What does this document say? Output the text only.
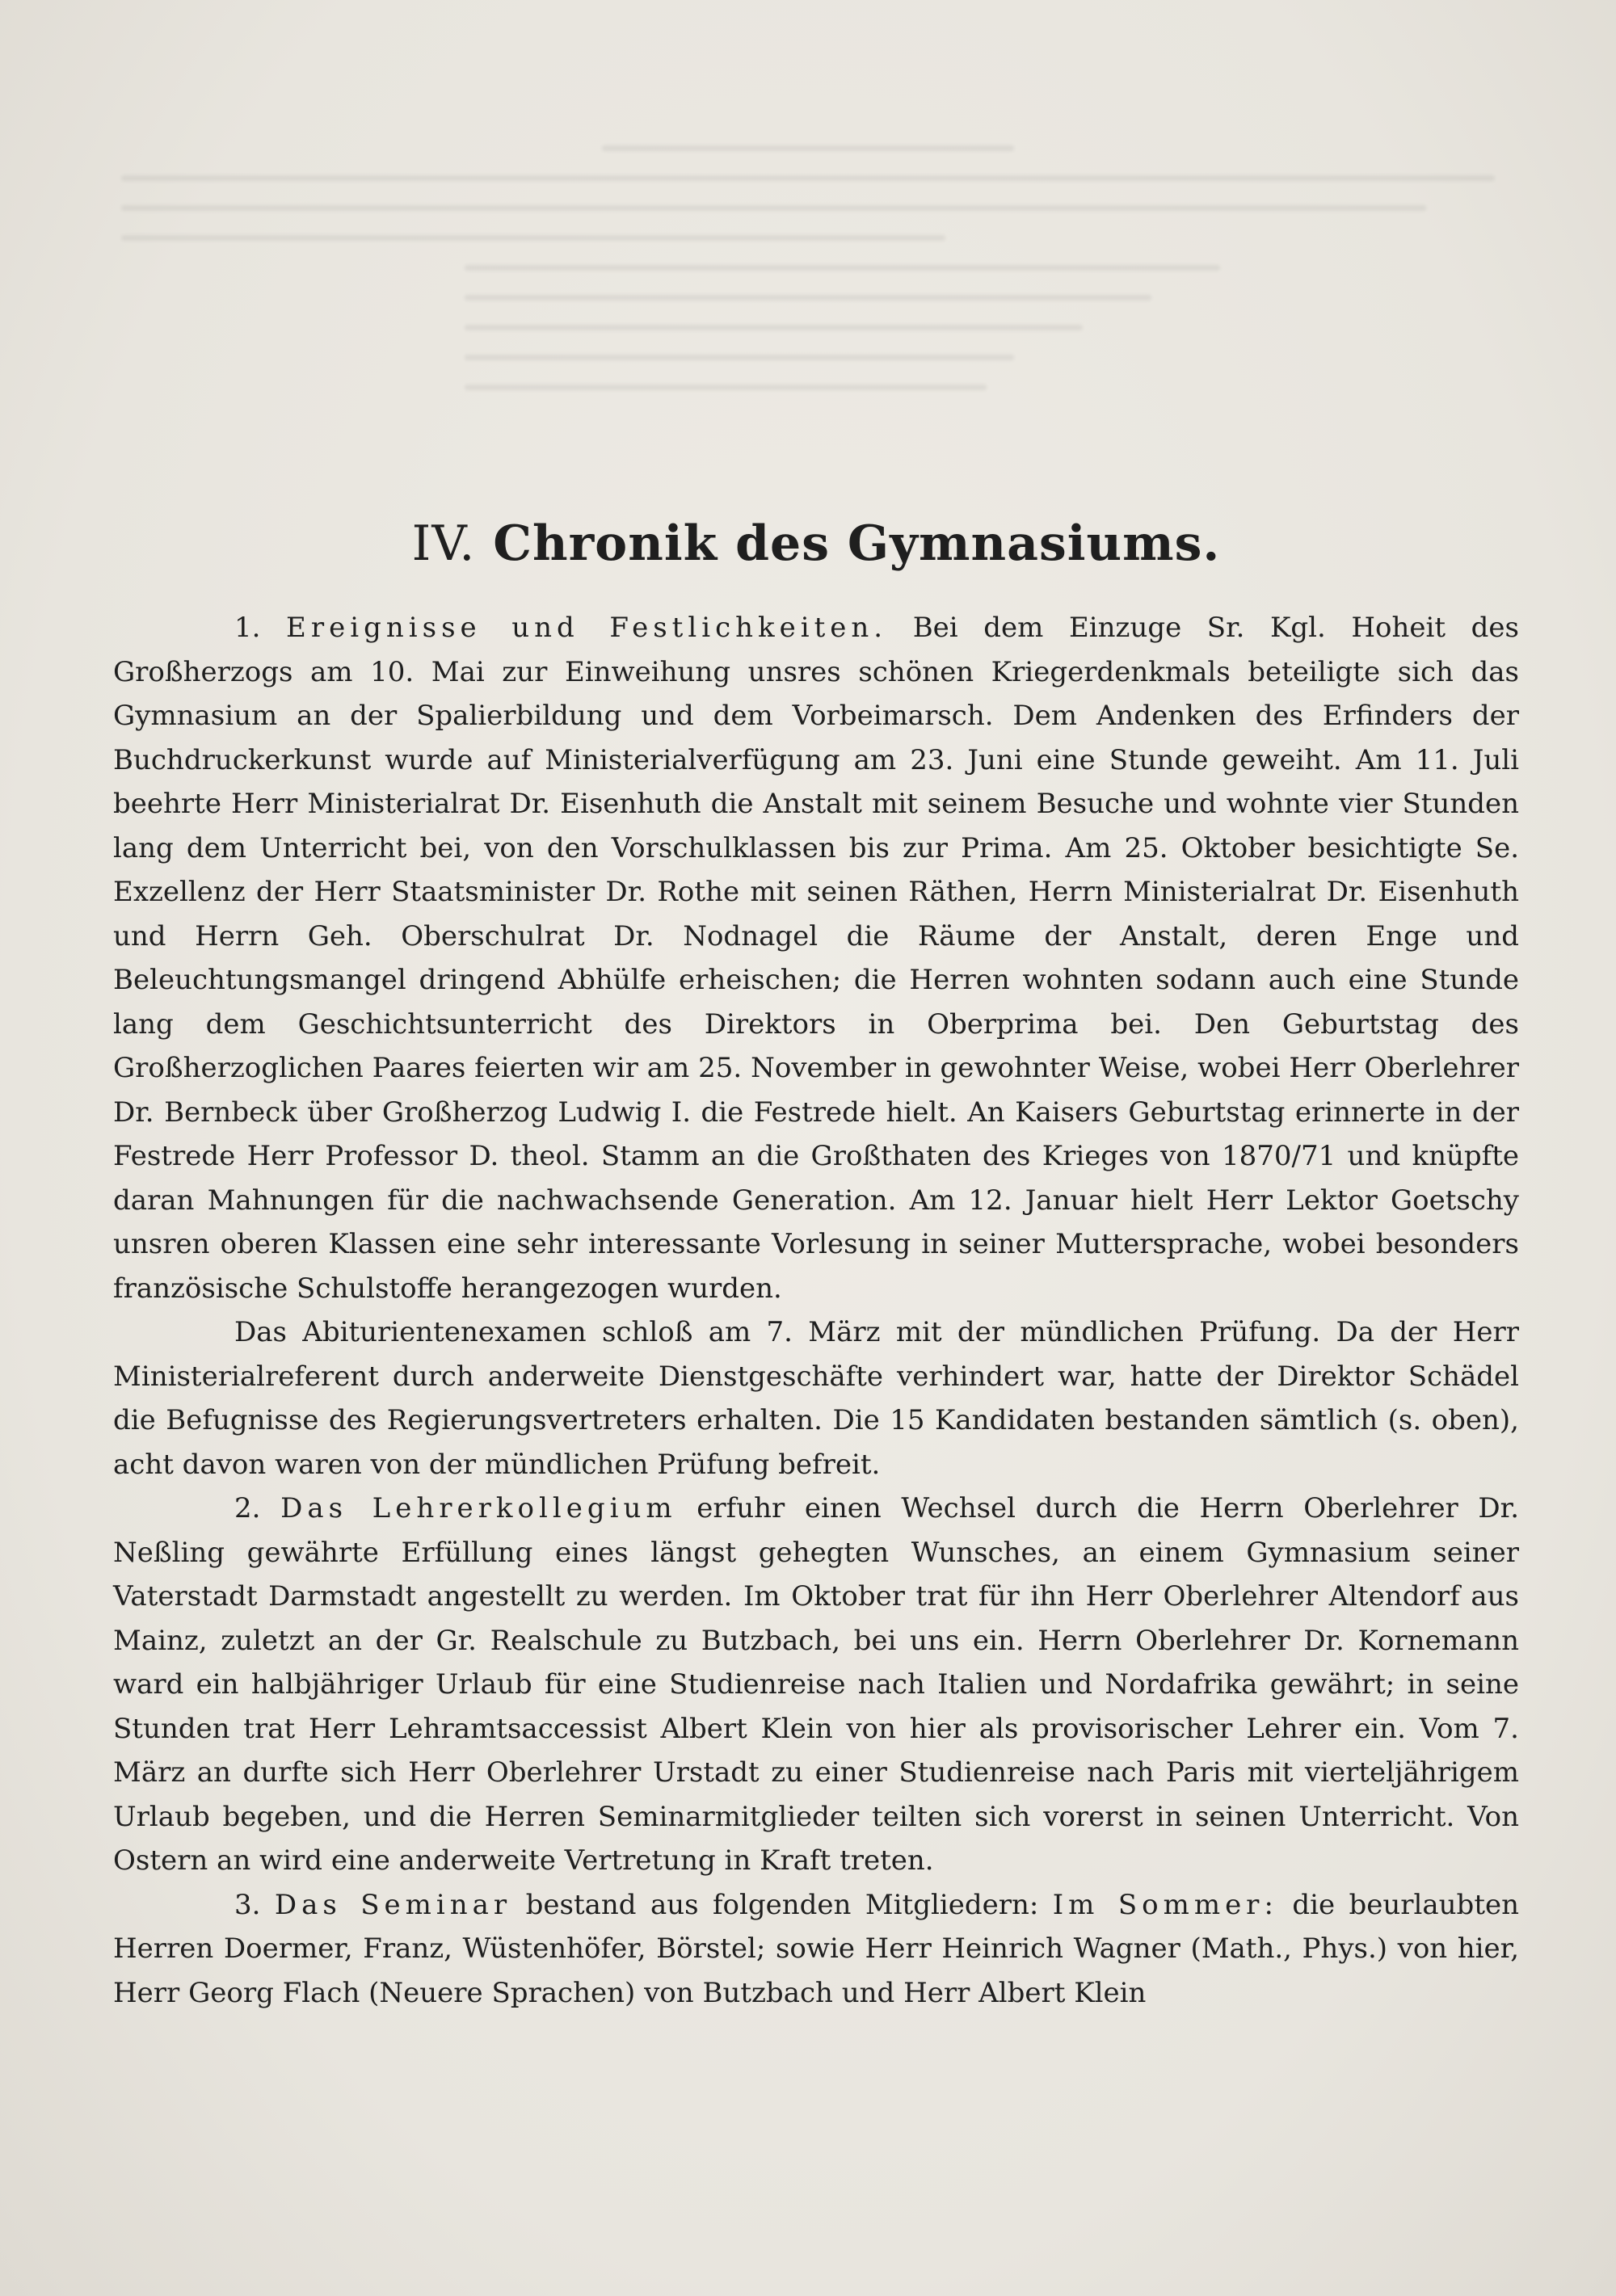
IV. Chronik des Gymnasiums.

1. Ereignisse und Festlichkeiten. Bei dem Einzuge Sr. Kgl. Hoheit des Großherzogs am 10. Mai zur Einweihung unsres schönen Kriegerdenkmals beteiligte sich das Gymnasium an der Spalierbildung und dem Vorbeimarsch. Dem Andenken des Erfinders der Buchdruckerkunst wurde auf Ministerialverfügung am 23. Juni eine Stunde geweiht. Am 11. Juli beehrte Herr Ministerialrat Dr. Eisenhuth die Anstalt mit seinem Besuche und wohnte vier Stunden lang dem Unterricht bei, von den Vorschulklassen bis zur Prima. Am 25. Oktober besichtigte Se. Exzellenz der Herr Staatsminister Dr. Rothe mit seinen Räthen, Herrn Ministerialrat Dr. Eisenhuth und Herrn Geh. Oberschulrat Dr. Nodnagel die Räume der Anstalt, deren Enge und Beleuchtungsmangel dringend Abhülfe erheischen; die Herren wohnten sodann auch eine Stunde lang dem Geschichtsunterricht des Direktors in Oberprima bei. Den Geburtstag des Großherzoglichen Paares feierten wir am 25. November in gewohnter Weise, wobei Herr Oberlehrer Dr. Bernbeck über Großherzog Ludwig I. die Festrede hielt. An Kaisers Geburtstag erinnerte in der Festrede Herr Professor D. theol. Stamm an die Großthaten des Krieges von 1870/71 und knüpfte daran Mahnungen für die nachwachsende Generation. Am 12. Januar hielt Herr Lektor Goetschy unsren oberen Klassen eine sehr interessante Vorlesung in seiner Muttersprache, wobei besonders französische Schulstoffe herangezogen wurden.

Das Abiturientenexamen schloß am 7. März mit der mündlichen Prüfung. Da der Herr Ministerialreferent durch anderweite Dienstgeschäfte verhindert war, hatte der Direktor Schädel die Befugnisse des Regierungsvertreters erhalten. Die 15 Kandidaten bestanden sämtlich (s. oben), acht davon waren von der mündlichen Prüfung befreit.

2. Das Lehrerkollegium erfuhr einen Wechsel durch die Herrn Oberlehrer Dr. Neßling gewährte Erfüllung eines längst gehegten Wunsches, an einem Gymnasium seiner Vaterstadt Darmstadt angestellt zu werden. Im Oktober trat für ihn Herr Oberlehrer Altendorf aus Mainz, zuletzt an der Gr. Realschule zu Butzbach, bei uns ein. Herrn Oberlehrer Dr. Kornemann ward ein halbjähriger Urlaub für eine Studienreise nach Italien und Nordafrika gewährt; in seine Stunden trat Herr Lehramtsaccessist Albert Klein von hier als provisorischer Lehrer ein. Vom 7. März an durfte sich Herr Oberlehrer Urstadt zu einer Studienreise nach Paris mit vierteljährigem Urlaub begeben, und die Herren Seminarmitglieder teilten sich vorerst in seinen Unterricht. Von Ostern an wird eine anderweite Vertretung in Kraft treten.

3. Das Seminar bestand aus folgenden Mitgliedern: Im Sommer: die beurlaubten Herren Doermer, Franz, Wüstenhöfer, Börstel; sowie Herr Heinrich Wagner (Math., Phys.) von hier, Herr Georg Flach (Neuere Sprachen) von Butzbach und Herr Albert Klein
